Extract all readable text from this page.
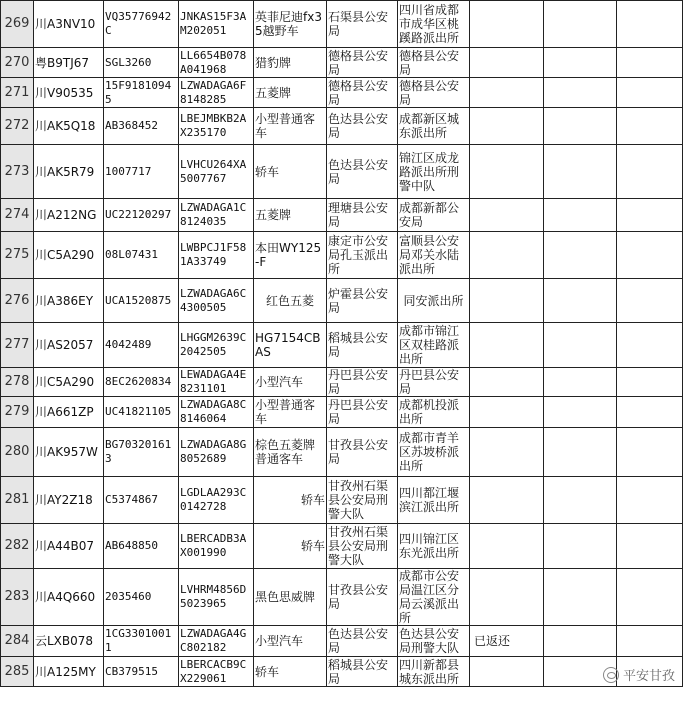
269	川A3NV10	VQ35776942C	JNKAS15F3AM202051	英菲尼迪fx35越野车	石渠县公安局	四川省成都市成华区桃蹊路派出所			
270	粤B9TJ67	SGL3260	LL6654B078A041968	猎豹牌	德格县公安局	德格县公安局			
271	川V90535	15F91810945	LZWADAGA6F8148285	五菱牌	德格县公安局	德格县公安局			
272	川AK5Q18	AB368452	LBEJMBKB2AX235170	小型普通客车	色达县公安局	成都新区城东派出所			
273	川AK5R79	1007717	LVHCU264XA5007767	轿车	色达县公安局	锦江区成龙路派出所刑警中队			
274	川A212NG	UC22120297	LZWADAGA1C8124035	五菱牌	理塘县公安局	成都新都公安局			
275	川C5A290	08L07431	LWBPCJ1F581A33749	本田WY125-F	康定市公安局孔玉派出所	富顺县公安局邓关水陆派出所			
276	川A386EY	UCA1520875	LZWADAGA6C4300505	红色五菱	炉霍县公安局	同安派出所			
277	川AS2057	4042489	LHGGM2639C2042505	HG7154CBAS	稻城县公安局	成都市锦江区双桂路派出所			
278	川C5A290	8EC2620834	LEWADAGA4E8231101	小型汽车	丹巴县公安局	丹巴县公安局			
279	川A661ZP	UC41821105	LZWADAGA8C8146064	小型普通客车	丹巴县公安局	成都机投派出所			
280	川AK957W	BG703201613	LZWADAGA8G8052689	棕色五菱牌普通客车	甘孜县公安局	成都市青羊区苏坡桥派出所			
281	川AY2Z18	C5374867	LGDLAA293C0142728	轿车	甘孜州石渠县公安局刑警大队	四川都江堰滨江派出所			
282	川A44B07	AB648850	LBERCADB3AX001990	轿车	甘孜州石渠县公安局刑警大队	四川锦江区东光派出所			
283	川A4Q660	2035460	LVHRM4856D5023965	黑色思威牌	甘孜县公安局	成都市公安局温江区分局云溪派出所			
284	云LXB078	1CG33010011	LZWADAGA4GC802182	小型汽车	色达县公安局	色达县公安局刑警大队	已返还		
285	川A125MY	CB379515	LBERCACB9CX229061	轿车	稻城县公安局	四川新都县城东派出所				平安甘孜
